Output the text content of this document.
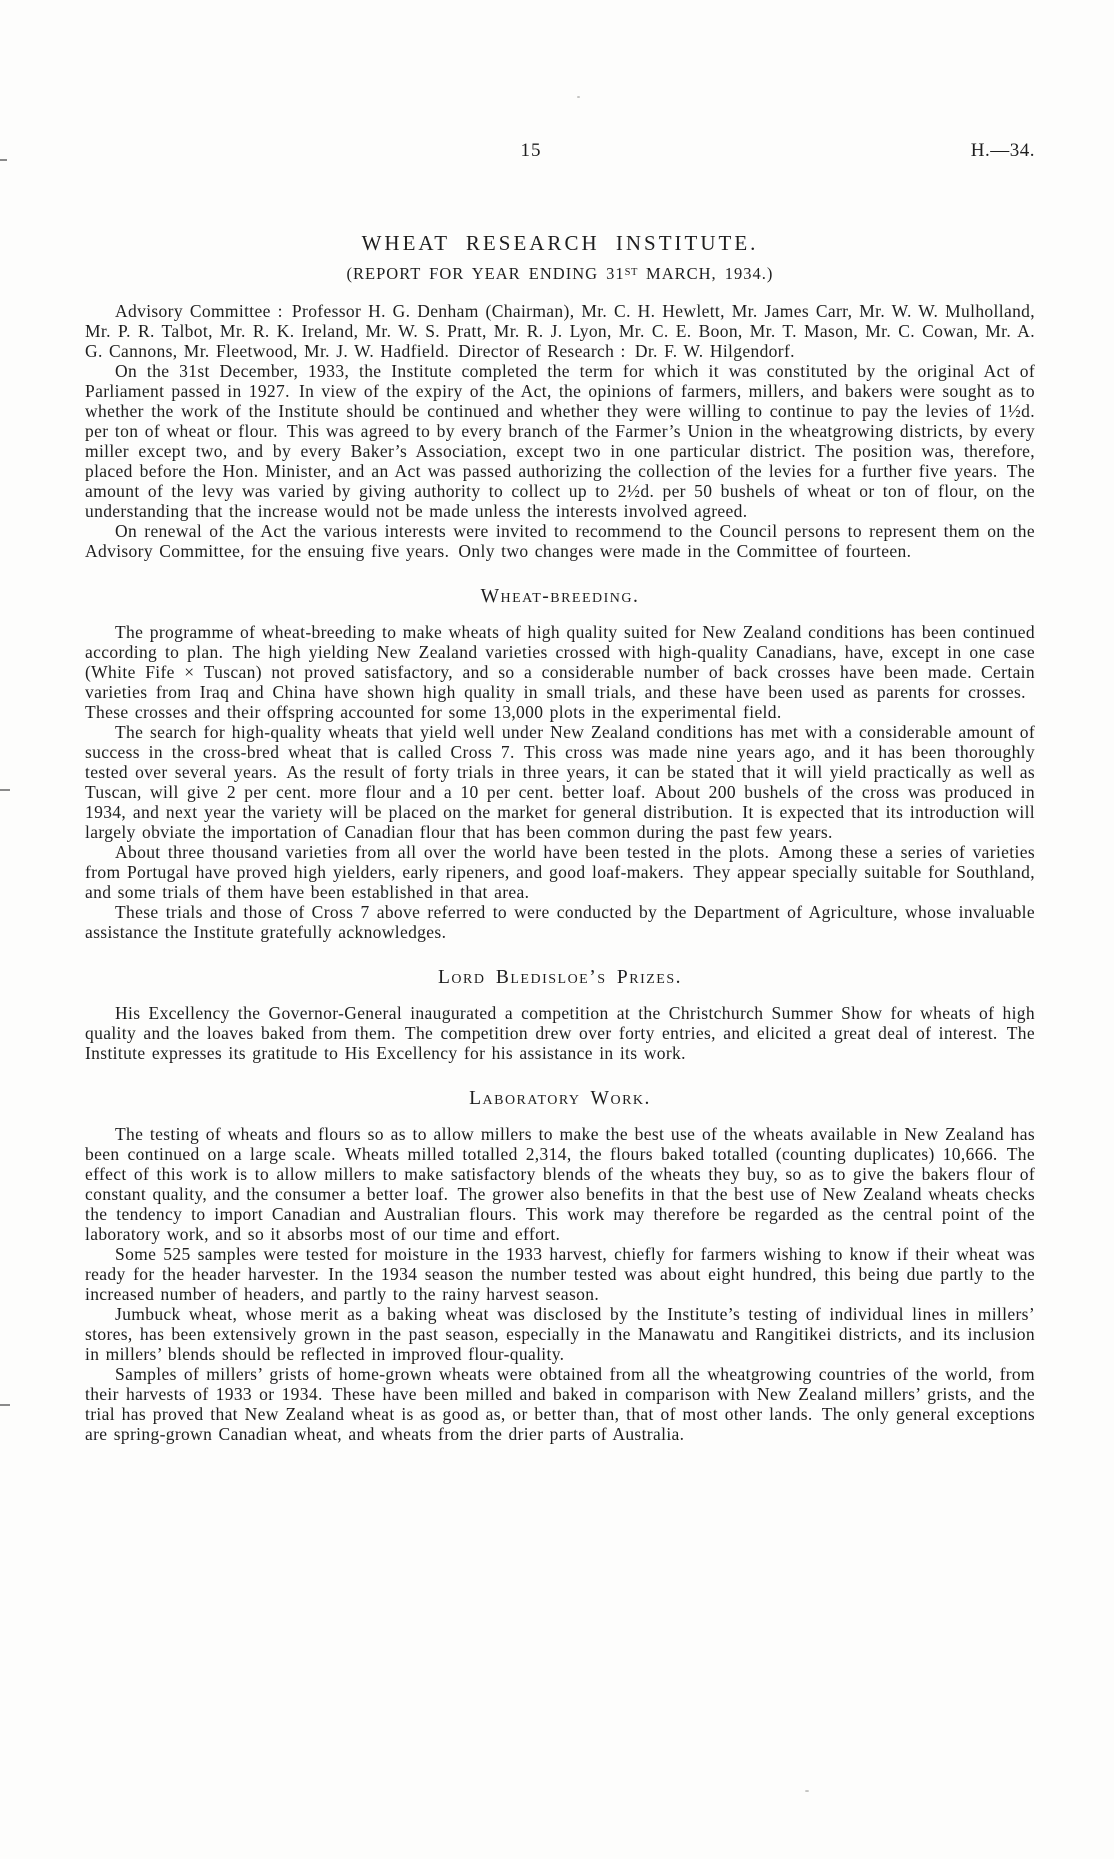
15	H.—34.
WHEAT RESEARCH INSTITUTE.
(REPORT FOR YEAR ENDING 31ST MARCH, 1934.)

Advisory Committee : Professor H. G. Denham (Chairman), Mr. C. H. Hewlett, Mr. James Carr, Mr. W. W. Mulholland, Mr. P. R. Talbot, Mr. R. K. Ireland, Mr. W. S. Pratt, Mr. R. J. Lyon, Mr. C. E. Boon, Mr. T. Mason, Mr. C. Cowan, Mr. A. G. Cannons, Mr. Fleetwood, Mr. J. W. Hadfield. Director of Research : Dr. F. W. Hilgendorf.

On the 31st December, 1933, the Institute completed the term for which it was constituted by the original Act of Parliament passed in 1927. In view of the expiry of the Act, the opinions of farmers, millers, and bakers were sought as to whether the work of the Institute should be continued and whether they were willing to continue to pay the levies of 1½d. per ton of wheat or flour. This was agreed to by every branch of the Farmer’s Union in the wheatgrowing districts, by every miller except two, and by every Baker’s Association, except two in one particular district. The position was, therefore, placed before the Hon. Minister, and an Act was passed authorizing the collection of the levies for a further five years. The amount of the levy was varied by giving authority to collect up to 2½d. per 50 bushels of wheat or ton of flour, on the understanding that the increase would not be made unless the interests involved agreed.

On renewal of the Act the various interests were invited to recommend to the Council persons to represent them on the Advisory Committee, for the ensuing five years. Only two changes were made in the Committee of fourteen.

Wheat-breeding.

The programme of wheat-breeding to make wheats of high quality suited for New Zealand conditions has been continued according to plan. The high yielding New Zealand varieties crossed with high-quality Canadians, have, except in one case (White Fife × Tuscan) not proved satisfactory, and so a considerable number of back crosses have been made. Certain varieties from Iraq and China have shown high quality in small trials, and these have been used as parents for crosses. These crosses and their offspring accounted for some 13,000 plots in the experimental field.

The search for high-quality wheats that yield well under New Zealand conditions has met with a considerable amount of success in the cross-bred wheat that is called Cross 7. This cross was made nine years ago, and it has been thoroughly tested over several years. As the result of forty trials in three years, it can be stated that it will yield practically as well as Tuscan, will give 2 per cent. more flour and a 10 per cent. better loaf. About 200 bushels of the cross was produced in 1934, and next year the variety will be placed on the market for general distribution. It is expected that its introduction will largely obviate the importation of Canadian flour that has been common during the past few years.

About three thousand varieties from all over the world have been tested in the plots. Among these a series of varieties from Portugal have proved high yielders, early ripeners, and good loaf-makers. They appear specially suitable for Southland, and some trials of them have been established in that area.

These trials and those of Cross 7 above referred to were conducted by the Department of Agriculture, whose invaluable assistance the Institute gratefully acknowledges.

Lord Bledisloe’s Prizes.

His Excellency the Governor-General inaugurated a competition at the Christchurch Summer Show for wheats of high quality and the loaves baked from them. The competition drew over forty entries, and elicited a great deal of interest. The Institute expresses its gratitude to His Excellency for his assistance in its work.

Laboratory Work.

The testing of wheats and flours so as to allow millers to make the best use of the wheats available in New Zealand has been continued on a large scale. Wheats milled totalled 2,314, the flours baked totalled (counting duplicates) 10,666. The effect of this work is to allow millers to make satisfactory blends of the wheats they buy, so as to give the bakers flour of constant quality, and the consumer a better loaf. The grower also benefits in that the best use of New Zealand wheats checks the tendency to import Canadian and Australian flours. This work may therefore be regarded as the central point of the laboratory work, and so it absorbs most of our time and effort.

Some 525 samples were tested for moisture in the 1933 harvest, chiefly for farmers wishing to know if their wheat was ready for the header harvester. In the 1934 season the number tested was about eight hundred, this being due partly to the increased number of headers, and partly to the rainy harvest season.

Jumbuck wheat, whose merit as a baking wheat was disclosed by the Institute’s testing of individual lines in millers’ stores, has been extensively grown in the past season, especially in the Manawatu and Rangitikei districts, and its inclusion in millers’ blends should be reflected in improved flour-quality.

Samples of millers’ grists of home-grown wheats were obtained from all the wheatgrowing countries of the world, from their harvests of 1933 or 1934. These have been milled and baked in comparison with New Zealand millers’ grists, and the trial has proved that New Zealand wheat is as good as, or better than, that of most other lands. The only general exceptions are spring-grown Canadian wheat, and wheats from the drier parts of Australia.
